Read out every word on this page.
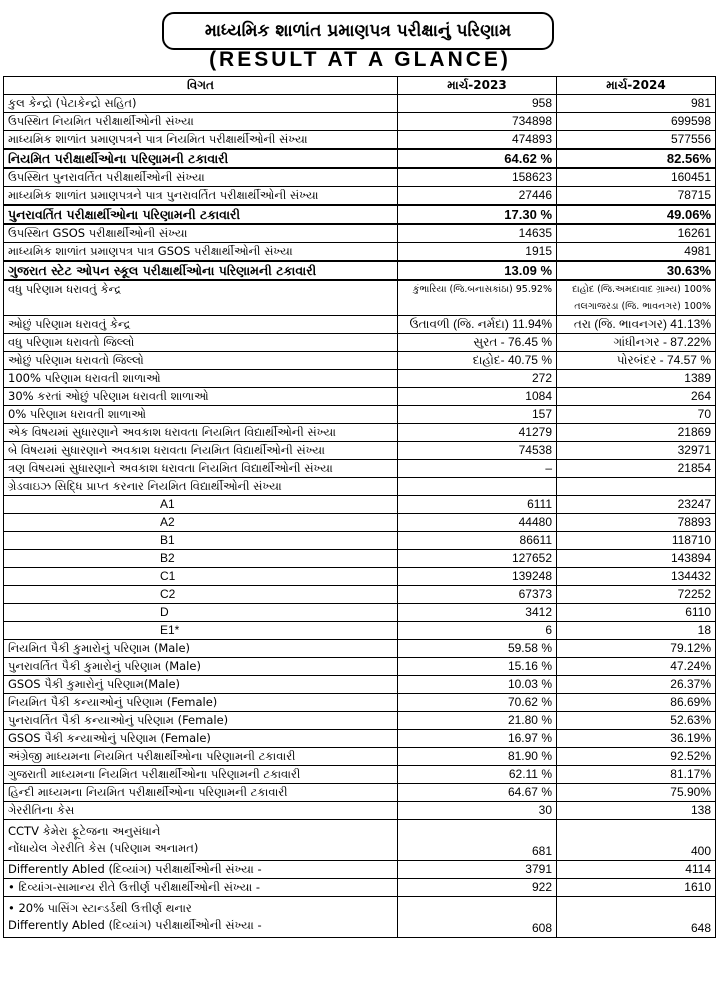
માધ્યમિક શાળાંત પ્રમાણપત્ર પરીક્ષાનું પરિણામ
(RESULT AT A GLANCE)
વિગત	માર્ચ-2023	માર્ચ-2024
કુલ કેન્દ્રો (પેટાકેન્દ્રો સહિત)	958	981
ઉપસ્થિત નિયમિત પરીક્ષાર્થીઓની સંખ્યા	734898	699598
માધ્યમિક શાળાંત પ્રમાણપત્રને પાત્ર નિયમિત પરીક્ષાર્થીઓની સંખ્યા	474893	577556
નિયમિત પરીક્ષાર્થીઓના પરિણામની ટકાવારી	64.62 %	82.56%
ઉપસ્થિત પુનરાવર્તિત પરીક્ષાર્થીઓની સંખ્યા	158623	160451
માધ્યમિક શાળાંત પ્રમાણપત્રને પાત્ર પુનરાવર્તિત પરીક્ષાર્થીઓની સંખ્યા	27446	78715
પુનરાવર્તિત પરીક્ષાર્થીઓના પરિણામની ટકાવારી	17.30 %	49.06%
ઉપસ્થિત GSOS પરીક્ષાર્થીઓની સંખ્યા	14635	16261
માધ્યમિક શાળાંત પ્રમાણપત્ર પાત્ર GSOS પરીક્ષાર્થીઓની સંખ્યા	1915	4981
ગુજરાત સ્ટેટ ઓપન સ્કૂલ પરીક્ષાર્થીઓના પરિણામની ટકાવારી	13.09 %	30.63%
વધુ પરિણામ ધરાવતું કેન્દ્ર	કુંભારિયા (જિ.બનાસકાંઠા) 95.92%	દાહોદ (જિ.અમદાવાદ ગ્રામ્ય) 100%
તલગાજરડા (જિ. ભાવનગર) 100%

ઓછું પરિણામ ધરાવતું કેન્દ્ર	ઉતાવળી (જિ. નર્મદા) 11.94%	તરા (જિ. ભાવનગર) 41.13%
વધુ પરિણામ ધરાવતો જિલ્લો	સુરત - 76.45 %	ગાંધીનગર - 87.22%
ઓછું પરિણામ ધરાવતો જિલ્લો	દાહોદ- 40.75 %	પોરબંદર - 74.57 %
100% પરિણામ ધરાવતી શાળાઓ	272	1389
30% કરતાં ઓછું પરિણામ ધરાવતી શાળાઓ	1084	264
0% પરિણામ ધરાવતી શાળાઓ	157	70
એક વિષયમાં સુધારણાને અવકાશ ધરાવતા નિયમિત વિદ્યાર્થીઓની સંખ્યા	41279	21869
બે વિષયમાં સુધારણાને અવકાશ ધરાવતા નિયમિત વિદ્યાર્થીઓની સંખ્યા	74538	32971
ત્રણ વિષયમાં સુધારણાને અવકાશ ધરાવતા નિયમિત વિદ્યાર્થીઓની સંખ્યા	–	21854
ગ્રેડવાઇઝ સિદ્ધિ પ્રાપ્ત કરનાર નિયમિત વિદ્યાર્થીઓની સંખ્યા		
A1	6111	23247
A2	44480	78893
B1	86611	118710
B2	127652	143894
C1	139248	134432
C2	67373	72252
D	3412	6110
E1*	6	18
નિયમિત પૈકી કુમારોનું પરિણામ (Male)	59.58 %	79.12%
પુનરાવર્તિત પૈકી કુમારોનું પરિણામ (Male)	15.16 %	47.24%
GSOS પૈકી કુમારોનું પરિણામ(Male)	10.03 %	26.37%
નિયમિત પૈકી કન્યાઓનું પરિણામ (Female)	70.62 %	86.69%
પુનરાવર્તિત પૈકી કન્યાઓનું પરિણામ (Female)	21.80 %	52.63%
GSOS પૈકી કન્યાઓનું પરિણામ (Female)	16.97 %	36.19%
અંગ્રેજી માધ્યમના નિયમિત પરીક્ષાર્થીઓના પરિણામની ટકાવારી	81.90 %	92.52%
ગુજરાતી માધ્યમના નિયમિત પરીક્ષાર્થીઓના પરિણામની ટકાવારી	62.11 %	81.17%
હિન્દી માધ્યમના નિયમિત પરીક્ષાર્થીઓના પરિણામની ટકાવારી	64.67 %	75.90%
ગેરરીતિના કેસ	30	138

CCTV કેમેરા ફૂટેજના અનુસંધાને
નોંધાયેલ ગેરરીતિ કેસ (પરિણામ અનામત)	681	400
Differently Abled (દિવ્યાંગ) પરીક્ષાર્થીઓની સંખ્યા -	3791	4114
• દિવ્યાંગ-સામાન્ય રીતે ઉત્તીર્ણ પરીક્ષાર્થીઓની સંખ્યા -	922	1610

• 20% પાસિંગ સ્ટાન્ડર્ડથી ઉત્તીર્ણ થનાર
Differently Abled (દિવ્યાંગ) પરીક્ષાર્થીઓની સંખ્યા -	608	648
